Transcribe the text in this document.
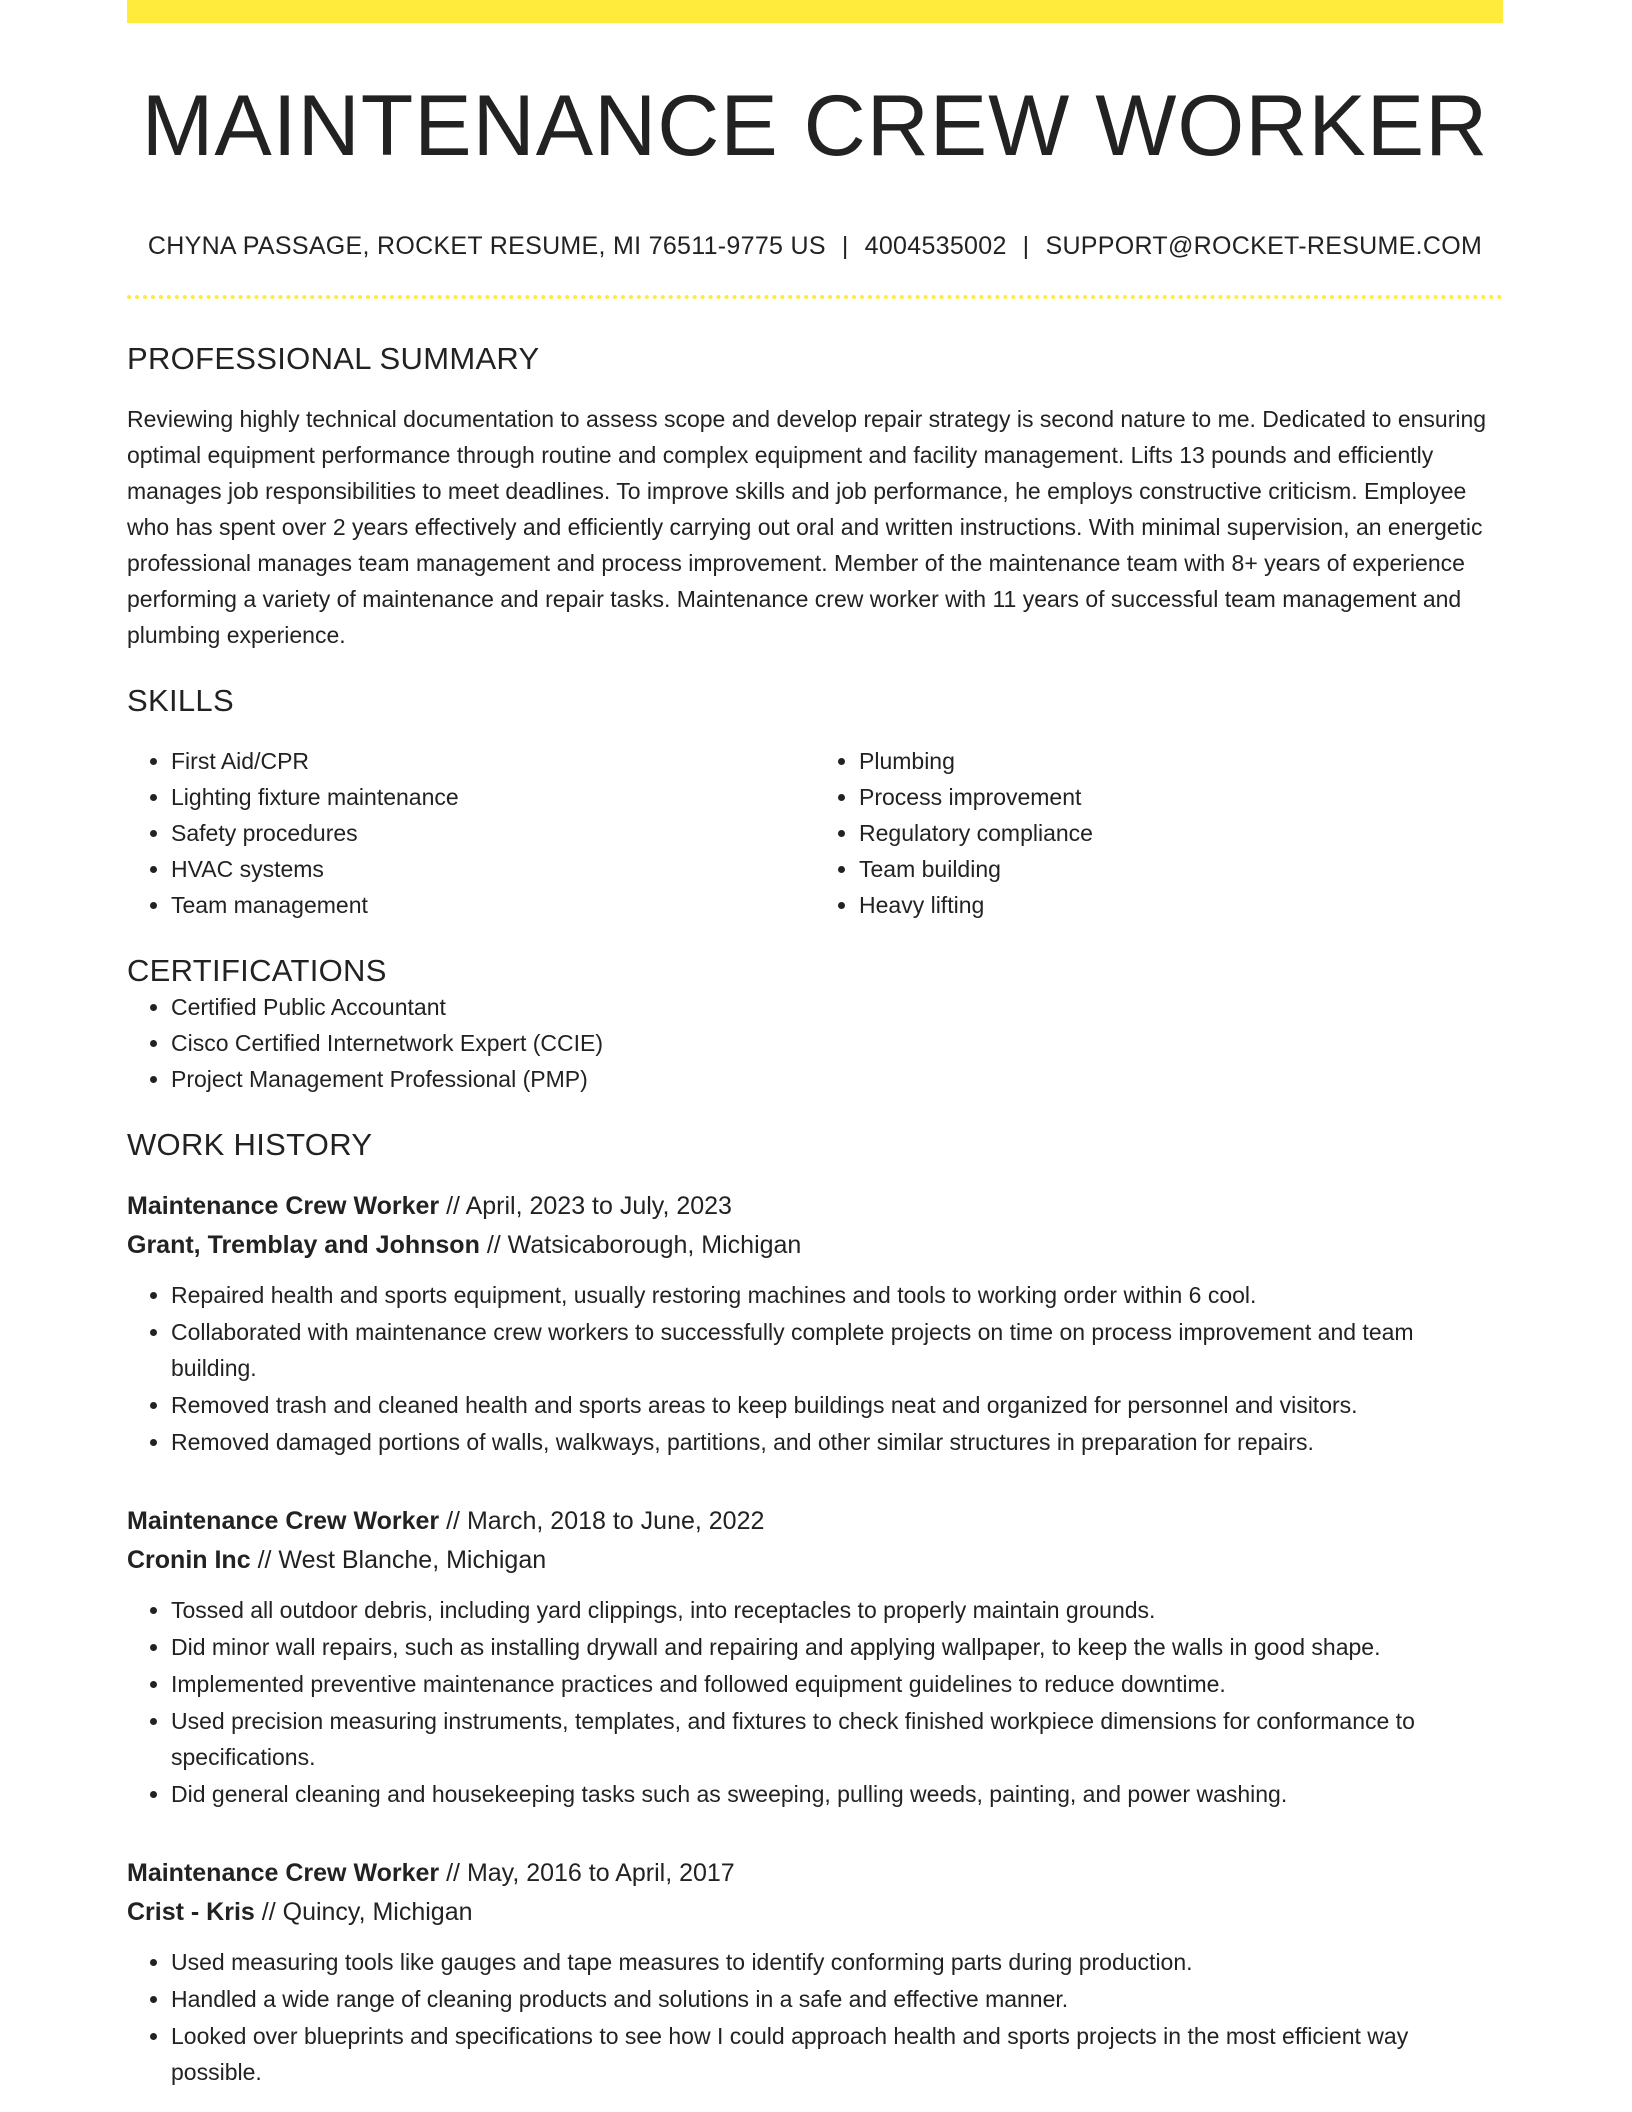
MAINTENANCE CREW WORKER
CHYNA PASSAGE, ROCKET RESUME, MI 76511-9775 US | 4004535002 | SUPPORT@ROCKET-RESUME.COM
PROFESSIONAL SUMMARY

Reviewing highly technical documentation to assess scope and develop repair strategy is second nature to me. Dedicated to ensuring optimal equipment performance through routine and complex equipment and facility management. Lifts 13 pounds and efficiently manages job responsibilities to meet deadlines. To improve skills and job performance, he employs constructive criticism. Employee who has spent over 2 years effectively and efficiently carrying out oral and written instructions. With minimal supervision, an energetic professional manages team management and process improvement. Member of the maintenance team with 8+ years of experience performing a variety of maintenance and repair tasks. Maintenance crew worker with 11 years of successful team management and plumbing experience.

SKILLS
• First Aid/CPR
• Lighting fixture maintenance
• Safety procedures
• HVAC systems
• Team management
• Plumbing
• Process improvement
• Regulatory compliance
• Team building
• Heavy lifting
CERTIFICATIONS
• Certified Public Accountant
• Cisco Certified Internetwork Expert (CCIE)
• Project Management Professional (PMP)
WORK HISTORY
Maintenance Crew Worker // April, 2023 to July, 2023
Grant, Tremblay and Johnson // Watsicaborough, Michigan
• Repaired health and sports equipment, usually restoring machines and tools to working order within 6 cool.
• Collaborated with maintenance crew workers to successfully complete projects on time on process improvement and team building.
• Removed trash and cleaned health and sports areas to keep buildings neat and organized for personnel and visitors.
• Removed damaged portions of walls, walkways, partitions, and other similar structures in preparation for repairs.
Maintenance Crew Worker // March, 2018 to June, 2022
Cronin Inc // West Blanche, Michigan
• Tossed all outdoor debris, including yard clippings, into receptacles to properly maintain grounds.
• Did minor wall repairs, such as installing drywall and repairing and applying wallpaper, to keep the walls in good shape.
• Implemented preventive maintenance practices and followed equipment guidelines to reduce downtime.
• Used precision measuring instruments, templates, and fixtures to check finished workpiece dimensions for conformance to specifications.
• Did general cleaning and housekeeping tasks such as sweeping, pulling weeds, painting, and power washing.
Maintenance Crew Worker // May, 2016 to April, 2017
Crist - Kris // Quincy, Michigan
• Used measuring tools like gauges and tape measures to identify conforming parts during production.
• Handled a wide range of cleaning products and solutions in a safe and effective manner.
• Looked over blueprints and specifications to see how I could approach health and sports projects in the most efficient way possible.
